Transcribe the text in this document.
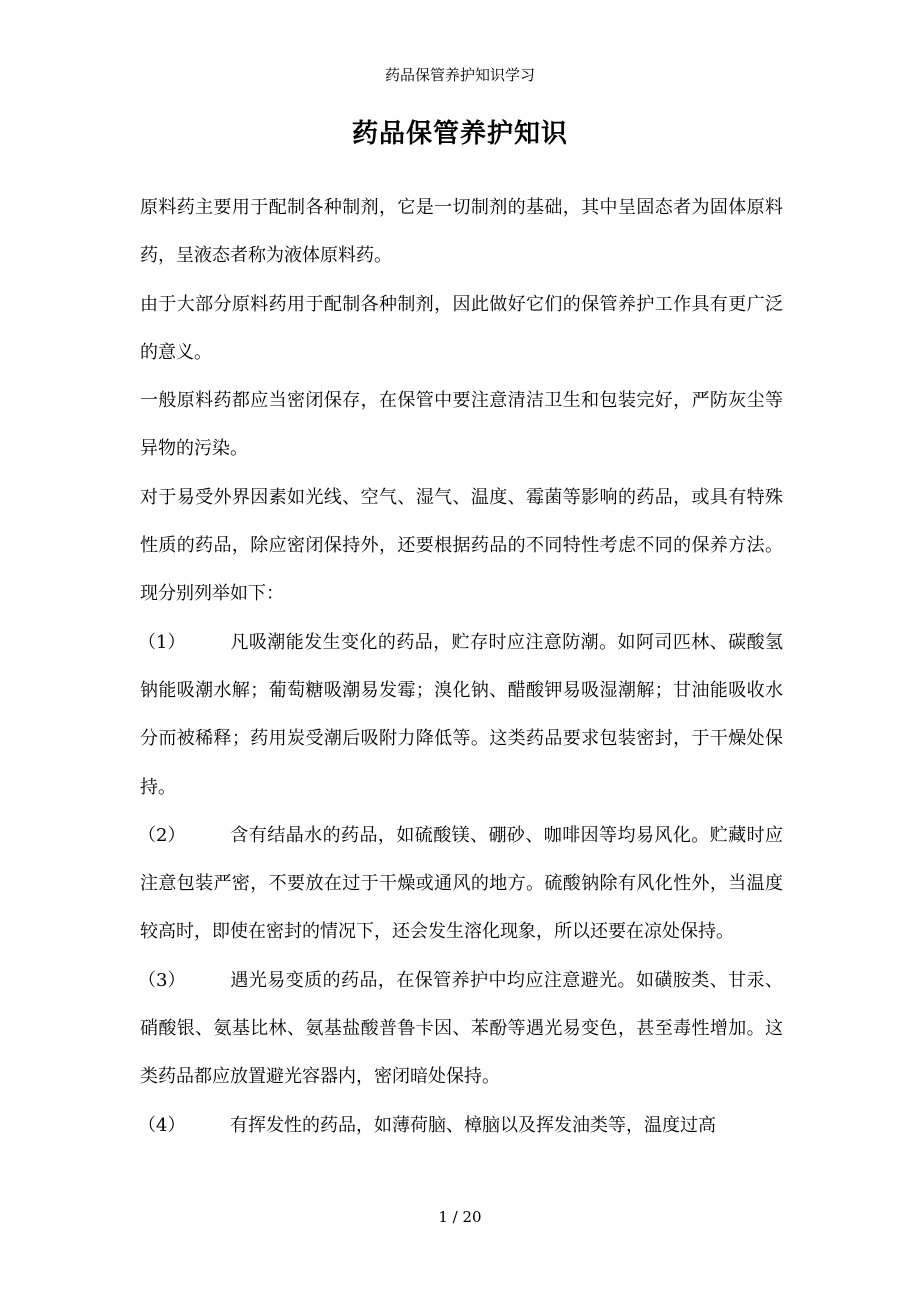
药品保管养护知识学习
药品保管养护知识

原料药主要用于配制各种制剂，它是一切制剂的基础，其中呈固态者为固体原料药，呈液态者称为液体原料药。

由于大部分原料药用于配制各种制剂，因此做好它们的保管养护工作具有更广泛的意义。

一般原料药都应当密闭保存，在保管中要注意清洁卫生和包装完好，严防灰尘等异物的污染。

对于易受外界因素如光线、空气、湿气、温度、霉菌等影响的药品，或具有特殊性质的药品，除应密闭保持外，还要根据药品的不同特性考虑不同的保养方法。现分别列举如下：

（1） 凡吸潮能发生变化的药品，贮存时应注意防潮。如阿司匹林、碳酸氢钠能吸潮水解；葡萄糖吸潮易发霉；溴化钠、醋酸钾易吸湿潮解；甘油能吸收水分而被稀释；药用炭受潮后吸附力降低等。这类药品要求包装密封，于干燥处保持。

（2） 含有结晶水的药品，如硫酸镁、硼砂、咖啡因等均易风化。贮藏时应注意包装严密，不要放在过于干燥或通风的地方。硫酸钠除有风化性外，当温度较高时，即使在密封的情况下，还会发生溶化现象，所以还要在凉处保持。

（3） 遇光易变质的药品，在保管养护中均应注意避光。如磺胺类、甘汞、硝酸银、氨基比林、氨基盐酸普鲁卡因、苯酚等遇光易变色，甚至毒性增加。这类药品都应放置避光容器内，密闭暗处保持。

（4） 有挥发性的药品，如薄荷脑、樟脑以及挥发油类等，温度过高

1 / 20
